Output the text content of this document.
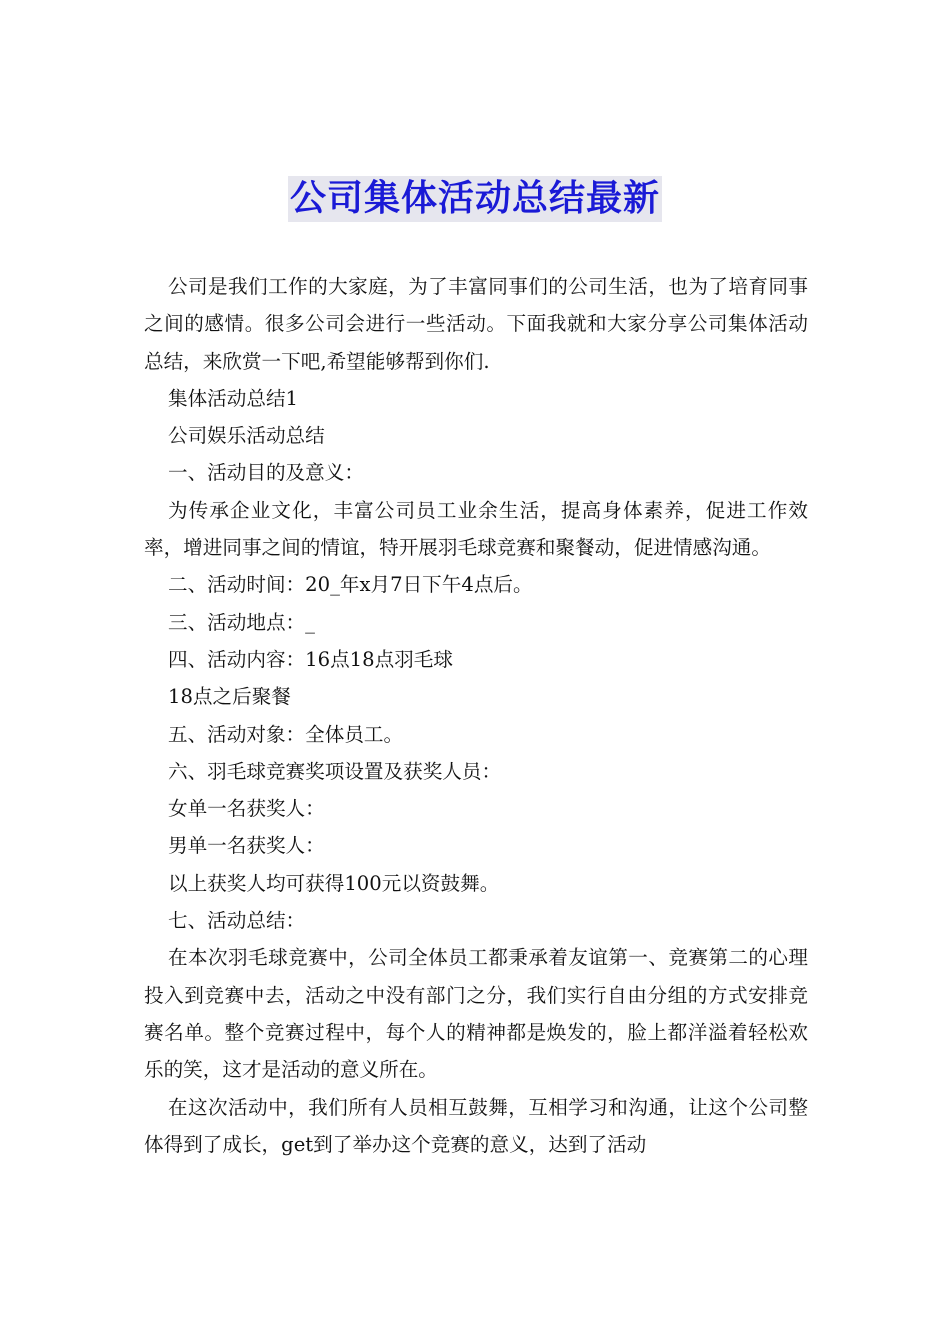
公司集体活动总结最新

公司是我们工作的大家庭，为了丰富同事们的公司生活，也为了培育同事之间的感情。很多公司会进行一些活动。下面我就和大家分享公司集体活动总结，来欣赏一下吧,希望能够帮到你们.

集体活动总结1

公司娱乐活动总结

一、活动目的及意义：

为传承企业文化，丰富公司员工业余生活，提高身体素养，促进工作效率，增进同事之间的情谊，特开展羽毛球竞赛和聚餐动，促进情感沟通。

二、活动时间：20_年x月7日下午4点后。

三、活动地点：_

四、活动内容：16点18点羽毛球

18点之后聚餐

五、活动对象：全体员工。

六、羽毛球竞赛奖项设置及获奖人员：

女单一名获奖人：

男单一名获奖人：

以上获奖人均可获得100元以资鼓舞。

七、活动总结：

在本次羽毛球竞赛中，公司全体员工都秉承着友谊第一、竞赛第二的心理投入到竞赛中去，活动之中没有部门之分，我们实行自由分组的方式安排竞赛名单。整个竞赛过程中，每个人的精神都是焕发的，脸上都洋溢着轻松欢乐的笑，这才是活动的意义所在。

在这次活动中，我们所有人员相互鼓舞，互相学习和沟通，让这个公司整体得到了成长，get到了举办这个竞赛的意义，达到了活动
